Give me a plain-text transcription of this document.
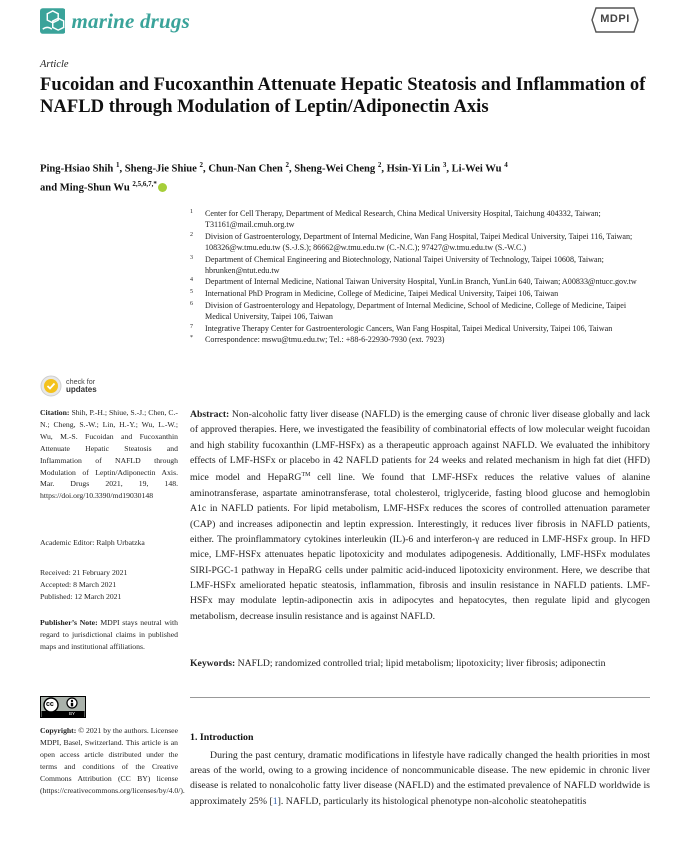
marine drugs	MDPI
Article
Fucoidan and Fucoxanthin Attenuate Hepatic Steatosis and Inflammation of NAFLD through Modulation of Leptin/Adiponectin Axis
Ping-Hsiao Shih $^1$, Sheng-Jie Shiue $^2$, Chun-Nan Chen $^2$, Sheng-Wei Cheng $^2$, Hsin-Yi Lin $^3$, Li-Wei Wu $^4$
and Ming-Shun Wu $^{2,5,6,7,*}$
1	Center for Cell Therapy, Department of Medical Research, China Medical University Hospital, Taichung 404332, Taiwan; T31161@mail.cmuh.org.tw
2	Division of Gastroenterology, Department of Internal Medicine, Wan Fang Hospital, Taipei Medical University, Taipei 116, Taiwan; 108326@w.tmu.edu.tw (S.-J.S.); 86662@w.tmu.edu.tw (C.-N.C.); 97427@w.tmu.edu.tw (S.-W.C.)
3	Department of Chemical Engineering and Biotechnology, National Taipei University of Technology, Taipei 10608, Taiwan; hbrunken@ntut.edu.tw
4	Department of Internal Medicine, National Taiwan University Hospital, YunLin Branch, YunLin 640, Taiwan; A00833@ntucc.gov.tw
5	International PhD Program in Medicine, College of Medicine, Taipei Medical University, Taipei 106, Taiwan
6	Division of Gastroenterology and Hepatology, Department of Internal Medicine, School of Medicine, College of Medicine, Taipei Medical University, Taipei 106, Taiwan
7	Integrative Therapy Center for Gastroenterologic Cancers, Wan Fang Hospital, Taipei Medical University, Taipei 106, Taiwan
*	Correspondence: mswu@tmu.edu.tw; Tel.: +88-6-22930-7930 (ext. 7923)
check for
updates
Citation: Shih, P.-H.; Shiue, S.-J.; Chen, C.-N.; Cheng, S.-W.; Lin, H.-Y.; Wu, L.-W.; Wu, M.-S. Fucoidan and Fucoxanthin Attenuate Hepatic Steatosis and Inflammation of NAFLD through Modulation of Leptin/Adiponectin Axis. Mar. Drugs 2021, 19, 148. https://doi.org/10.3390/md19030148
Academic Editor: Ralph Urbatzka
Received: 21 February 2021
Accepted: 8 March 2021
Published: 12 March 2021
Publisher’s Note: MDPI stays neutral with regard to jurisdictional claims in published maps and institutional affiliations.
cc
BY
Copyright: © 2021 by the authors. Licensee MDPI, Basel, Switzerland. This article is an open access article distributed under the terms and conditions of the Creative Commons Attribution (CC BY) license (https://creativecommons.org/licenses/by/4.0/).
Abstract: Non-alcoholic fatty liver disease (NAFLD) is the emerging cause of chronic liver disease globally and lack of approved therapies. Here, we investigated the feasibility of combinatorial effects of low molecular weight fucoidan and high stability fucoxanthin (LMF-HSFx) as a therapeutic approach against NAFLD. We evaluated the inhibitory effects of LMF-HSFx or placebo in 42 NAFLD patients for 24 weeks and related mechanism in high fat diet (HFD) mice model and HepaRG™ cell line. We found that LMF-HSFx reduces the relative values of alanine aminotransferase, aspartate aminotransferase, total cholesterol, triglyceride, fasting blood glucose and hemoglobin A1c in NAFLD patients. For lipid metabolism, LMF-HSFx reduces the scores of controlled attenuation parameter (CAP) and increases adiponectin and leptin expression. Interestingly, it reduces liver fibrosis in NAFLD patients, either. The proinflammatory cytokines interleukin (IL)-6 and interferon-γ are reduced in LMF-HSFx group. In HFD mice, LMF-HSFx attenuates hepatic lipotoxicity and modulates adipogenesis. Additionally, LMF-HSFx modulates SIRI-PGC-1 pathway in HepaRG cells under palmitic acid-induced lipotoxicity environment. Here, we describe that LMF-HSFx ameliorated hepatic steatosis, inflammation, fibrosis and insulin resistance in NAFLD patients. LMF-HSFx may modulate leptin-adiponectin axis in adipocytes and hepatocytes, then regulate lipid and glycogen metabolism, decrease insulin resistance and is against NAFLD.
Keywords: NAFLD; randomized controlled trial; lipid metabolism; lipotoxicity; liver fibrosis; adiponectin
1. Introduction
During the past century, dramatic modifications in lifestyle have radically changed the health priorities in most areas of the world, owing to a growing incidence of noncommunicable disease. The new epidemic in chronic liver disease is related to nonalcoholic fatty liver disease (NAFLD) and the estimated prevalence of NAFLD worldwide is approximately 25% [1]. NAFLD, particularly its histological phenotype non-alcoholic steatohepatitis
